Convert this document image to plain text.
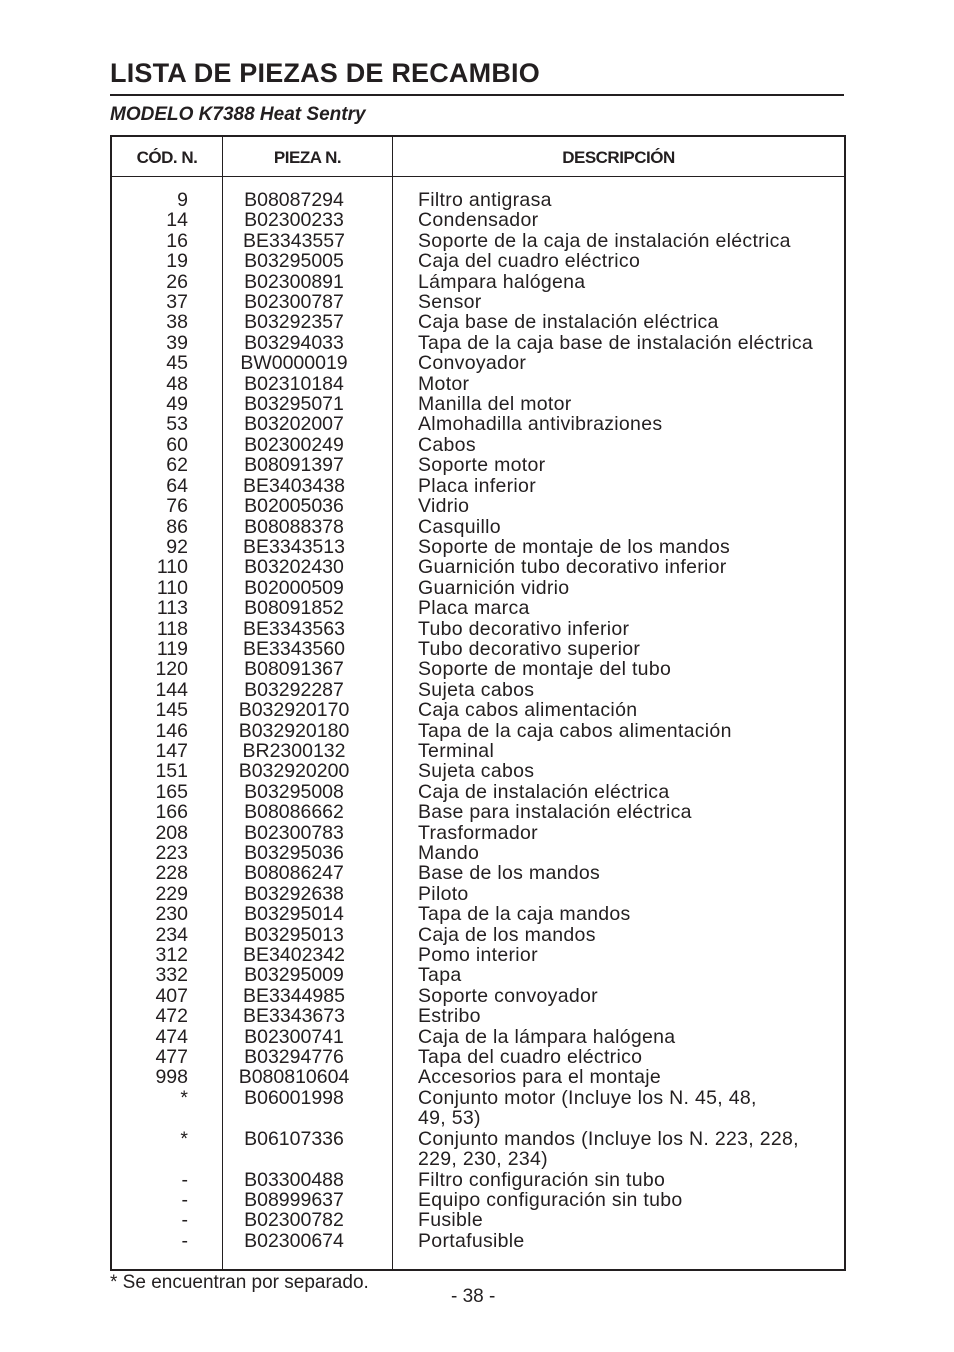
LISTA DE PIEZAS DE RECAMBIO
MODELO K7388 Heat Sentry
CÓD. N.	PIEZA N.	DESCRIPCIÓN
9	B08087294	Filtro antigrasa
14	B02300233	Condensador
16	BE3343557	Soporte de la caja de instalación eléctrica
19	B03295005	Caja del cuadro eléctrico
26	B02300891	Lámpara halógena
37	B02300787	Sensor
38	B03292357	Caja base de instalación eléctrica
39	B03294033	Tapa de la caja base de instalación eléctrica
45	BW0000019	Convoyador
48	B02310184	Motor
49	B03295071	Manilla del motor
53	B03202007	Almohadilla antivibraziones
60	B02300249	Cabos
62	B08091397	Soporte motor
64	BE3403438	Placa inferior
76	B02005036	Vidrio
86	B08088378	Casquillo
92	BE3343513	Soporte de montaje de los mandos
110	B03202430	Guarnición tubo decorativo inferior
110	B02000509	Guarnición vidrio
113	B08091852	Placa marca
118	BE3343563	Tubo decorativo inferior
119	BE3343560	Tubo decorativo superior
120	B08091367	Soporte de montaje del tubo
144	B03292287	Sujeta cabos
145	B032920170	Caja cabos alimentación
146	B032920180	Tapa de la caja cabos alimentación
147	BR2300132	Terminal
151	B032920200	Sujeta cabos
165	B03295008	Caja de instalación eléctrica
166	B08086662	Base para instalación eléctrica
208	B02300783	Trasformador
223	B03295036	Mando
228	B08086247	Base de los mandos
229	B03292638	Piloto
230	B03295014	Tapa de la caja mandos
234	B03295013	Caja de los mandos
312	BE3402342	Pomo interior
332	B03295009	Tapa
407	BE3344985	Soporte convoyador
472	BE3343673	Estribo
474	B02300741	Caja de la lámpara halógena
477	B03294776	Tapa del cuadro eléctrico
998	B080810604	Accesorios para el montaje
*	B06001998	Conjunto motor (Incluye los N. 45, 48,
49, 53)
*	B06107336	Conjunto mandos (Incluye los N. 223, 228,
229, 230, 234)
-	B03300488	Filtro configuración sin tubo
-	B08999637	Equipo configuración sin tubo
-	B02300782	Fusible
-	B02300674	Portafusible
* Se encuentran por separado.
- 38 -
